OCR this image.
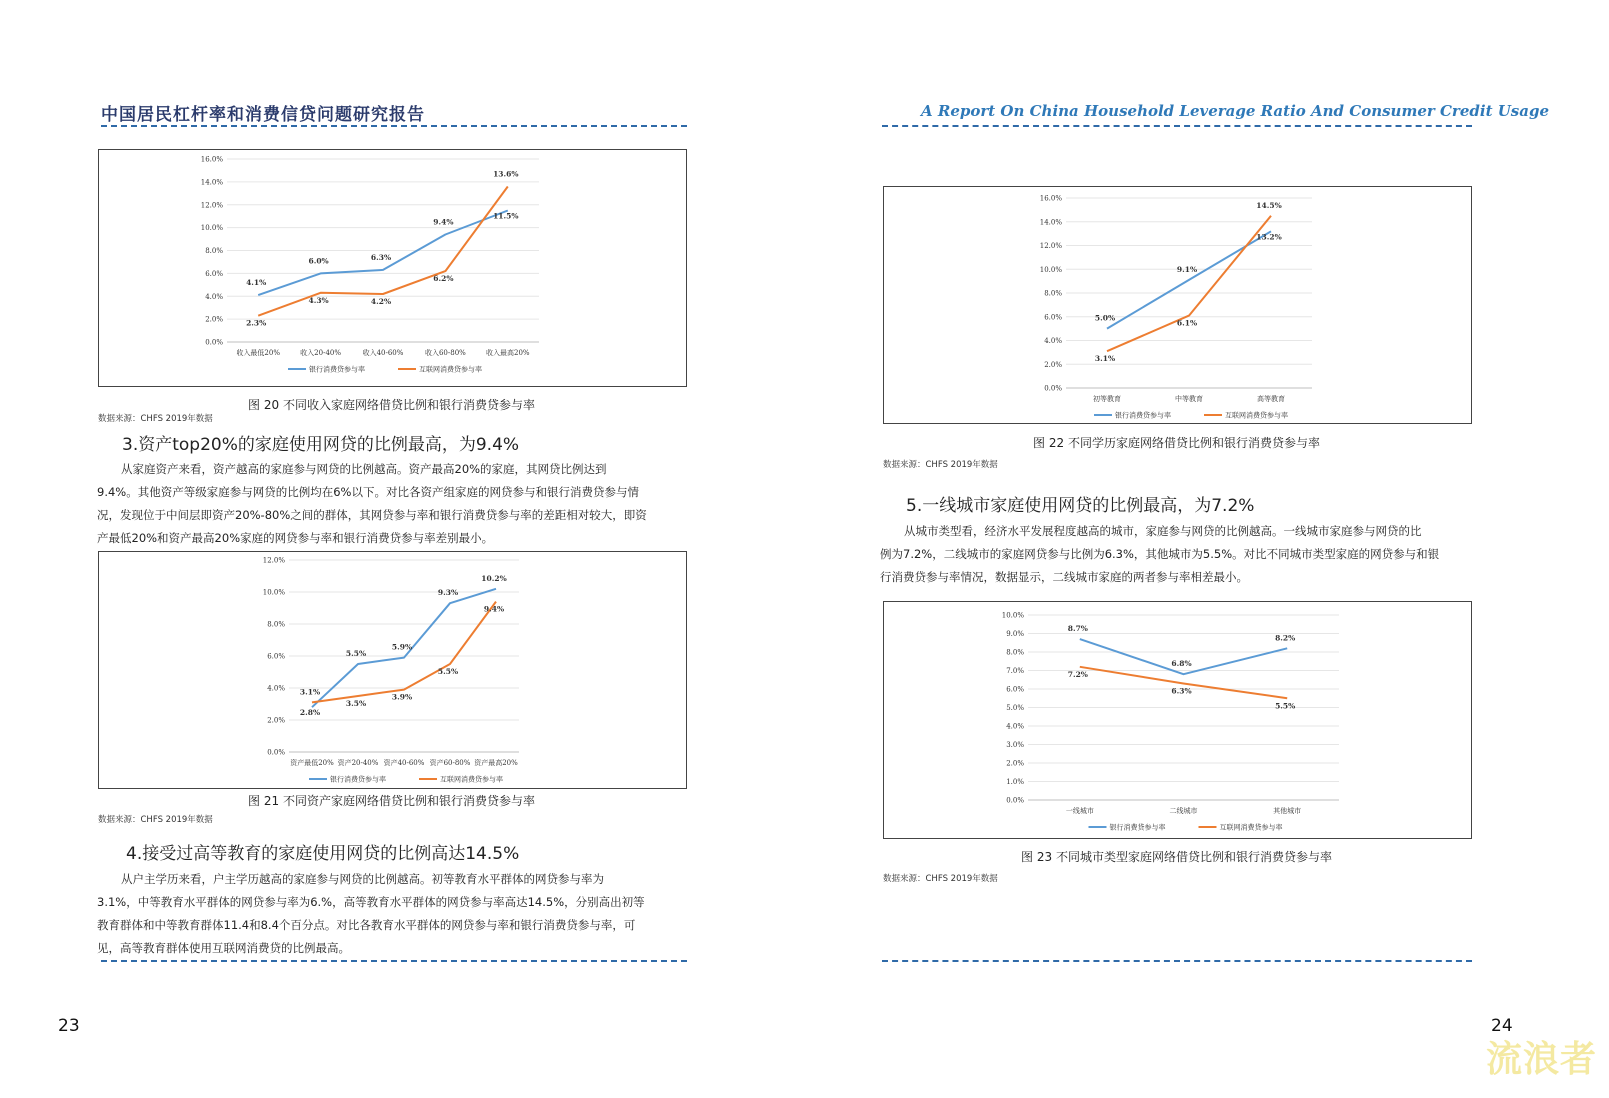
中国居民杠杆率和消费信贷问题研究报告
0.0%
2.0%
4.0%
6.0%
8.0%
10.0%
12.0%
14.0%
16.0%
收入最低20%	收入20-40%	收入40-60%	收入60-80%	收入最高20%
4.1%
6.0%	6.3%
9.4%
11.5%
2.3%
4.3%	4.2%
6.2%
13.6%
银行消费贷参与率	互联网消费贷参与率
图 20 不同收入家庭网络借贷比例和银行消费贷参与率
数据来源：CHFS 2019年数据
3.资产top20%的家庭使用网贷的比例最高，为9.4%
从家庭资产来看，资产越高的家庭参与网贷的比例越高。资产最高20%的家庭，其网贷比例达到
9.4%。其他资产等级家庭参与网贷的比例均在6%以下。对比各资产组家庭的网贷参与和银行消费贷参与情
况，发现位于中间层即资产20%-80%之间的群体，其网贷参与率和银行消费贷参与率的差距相对较大，即资
产最低20%和资产最高20%家庭的网贷参与率和银行消费贷参与率差别最小。
0.0%
2.0%
4.0%
6.0%
8.0%
10.0%
12.0%
资产最低20% 资产20-40% 资产40-60% 资产60-80% 资产最高20%
2.8%
5.5%
5.9%
9.3%
10.2%
3.1%
3.5%
3.9%
5.5%
9.4%
银行消费贷参与率	互联网消费贷参与率
图 21 不同资产家庭网络借贷比例和银行消费贷参与率
数据来源：CHFS 2019年数据
4.接受过高等教育的家庭使用网贷的比例高达14.5%
从户主学历来看，户主学历越高的家庭参与网贷的比例越高。初等教育水平群体的网贷参与率为
3.1%，中等教育水平群体的网贷参与率为6.%，高等教育水平群体的网贷参与率高达14.5%，分别高出初等
教育群体和中等教育群体11.4和8.4个百分点。对比各教育水平群体的网贷参与率和银行消费贷参与率，可
见，高等教育群体使用互联网消费贷的比例最高。
23
A Report On China Household Leverage Ratio And Consumer Credit Usage
0.0%
2.0%
4.0%
6.0%
8.0%
10.0%
12.0%
14.0%
16.0%
初等教育	中等教育	高等教育
5.0%
9.1%
13.2%
3.1%
6.1%
14.5%
银行消费贷参与率	互联网消费贷参与率
图 22 不同学历家庭网络借贷比例和银行消费贷参与率
数据来源：CHFS 2019年数据
5.一线城市家庭使用网贷的比例最高，为7.2%
从城市类型看，经济水平发展程度越高的城市，家庭参与网贷的比例越高。一线城市家庭参与网贷的比
例为7.2%，二线城市的家庭网贷参与比例为6.3%，其他城市为5.5%。对比不同城市类型家庭的网贷参与和银
行消费贷参与率情况，数据显示，二线城市家庭的两者参与率相差最小。
0.0%
1.0%
2.0%
3.0%
4.0%
5.0%
6.0%
7.0%
8.0%
9.0%
10.0%
一线城市	二线城市	其他城市
8.7%
6.8%
8.2%
7.2%
6.3%
5.5%
银行消费贷参与率	互联网消费贷参与率
图 23 不同城市类型家庭网络借贷比例和银行消费贷参与率
数据来源：CHFS 2019年数据
24
流浪者
